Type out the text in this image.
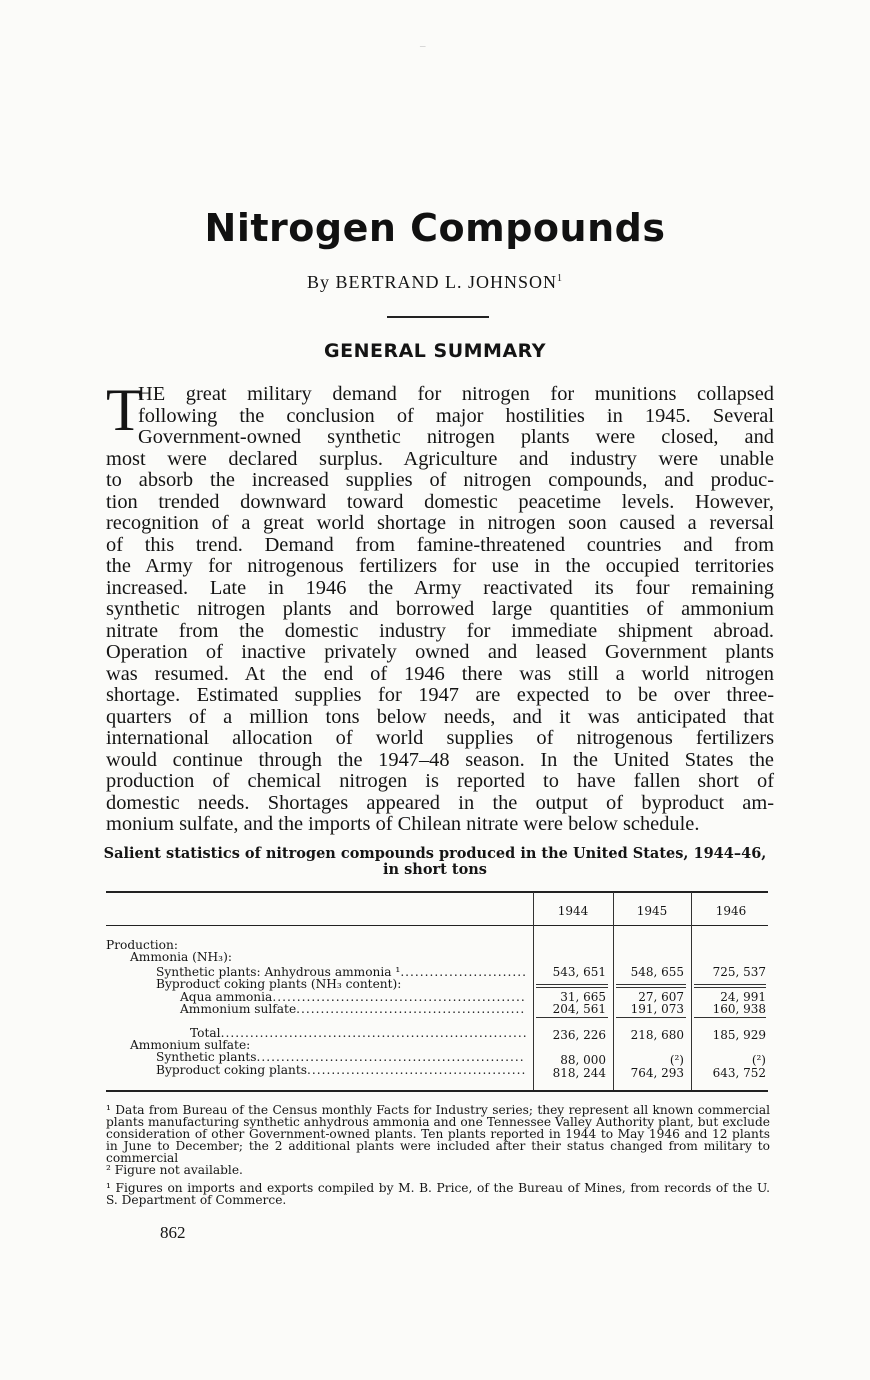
–
Nitrogen Compounds
By BERTRAND L. JOHNSON$^1$
GENERAL SUMMARY
T
HE great military demand for nitrogen for munitions collapsed
following the conclusion of major hostilities in 1945. Several
Government-owned synthetic nitrogen plants were closed, and
most were declared surplus. Agriculture and industry were unable
to absorb the increased supplies of nitrogen compounds, and produc-
tion trended downward toward domestic peacetime levels. However,
recognition of a great world shortage in nitrogen soon caused a reversal
of this trend. Demand from famine-threatened countries and from
the Army for nitrogenous fertilizers for use in the occupied territories
increased. Late in 1946 the Army reactivated its four remaining
synthetic nitrogen plants and borrowed large quantities of ammonium
nitrate from the domestic industry for immediate shipment abroad.
Operation of inactive privately owned and leased Government plants
was resumed. At the end of 1946 there was still a world nitrogen
shortage. Estimated supplies for 1947 are expected to be over three-
quarters of a million tons below needs, and it was anticipated that
international allocation of world supplies of nitrogenous fertilizers
would continue through the 1947–48 season. In the United States the
production of chemical nitrogen is reported to have fallen short of
domestic needs. Shortages appeared in the output of byproduct am-
monium sulfate, and the imports of Chilean nitrate were below schedule.
Salient statistics of nitrogen compounds produced in the United States, 1944–46,
in short tons
1944	1945	1946
Production:
Ammonia (NH₃):
Synthetic plants: Anhydrous ammonia ¹..........................	543, 651	548, 655	725, 537
Byproduct coking plants (NH₃ content):
Aqua ammonia....................................................	31, 665	27, 607	24, 991
Ammonium sulfate...............................................	204, 561	191, 073	160, 938
Total...............................................................	236, 226	218, 680	185, 929
Ammonium sulfate:
Synthetic plants.......................................................	88, 000	(²)	(²)
Byproduct coking plants.............................................	818, 244	764, 293	643, 752

¹ Data from Bureau of the Census monthly Facts for Industry series; they represent all known commercial plants manufacturing synthetic anhydrous ammonia and one Tennessee Valley Authority plant, but exclude consideration of other Government-owned plants. Ten plants reported in 1944 to May 1946 and 12 plants in June to December; the 2 additional plants were included after their status changed from military to commercial

² Figure not available.

¹ Figures on imports and exports compiled by M. B. Price, of the Bureau of Mines, from records of the U. S. Department of Commerce.

862
